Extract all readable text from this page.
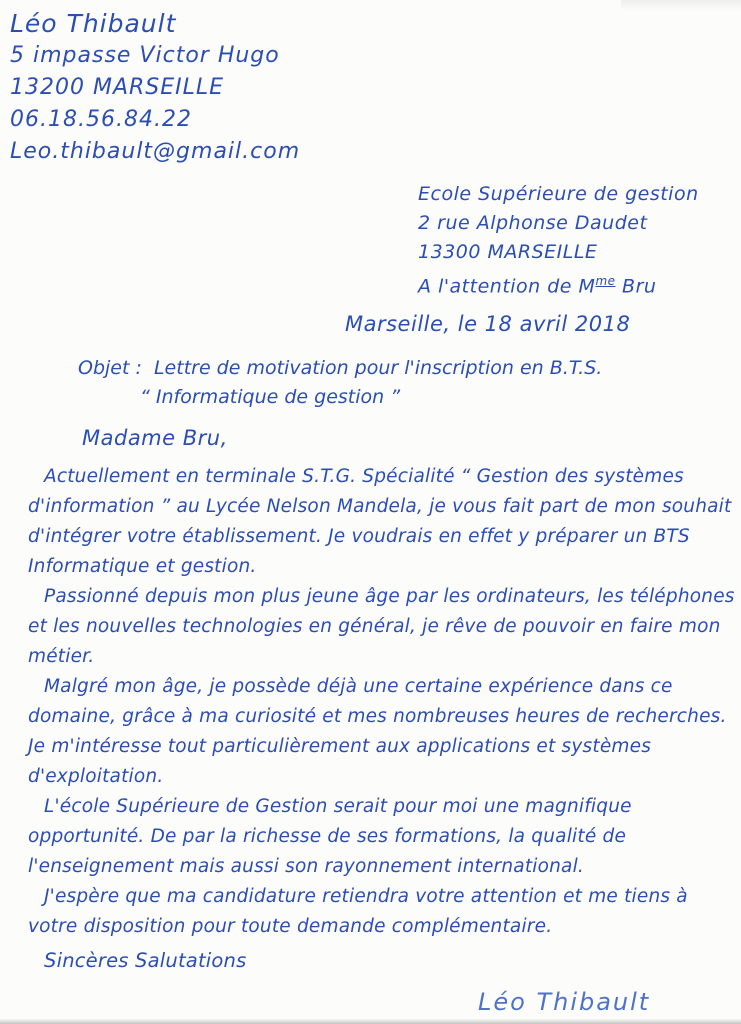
Léo Thibault
5 impasse Victor Hugo
13200 MARSEILLE
06.18.56.84.22
Leo.thibault@gmail.com
Ecole Supérieure de gestion
2 rue Alphonse Daudet
13300 MARSEILLE
A l'attention de $M^{me}$ Bru
Marseille, le 18 avril 2018
Objet : Lettre de motivation pour l'inscription en B.T.S.
“ Informatique de gestion ”
Madame Bru,

Actuellement en terminale S.T.G. Spécialité “ Gestion des systèmes d'information ” au Lycée Nelson Mandela, je vous fait part de mon souhait d'intégrer votre établissement. Je voudrais en effet y préparer un BTS Informatique et gestion.

Passionné depuis mon plus jeune âge par les ordinateurs, les téléphones et les nouvelles technologies en général, je rêve de pouvoir en faire mon métier.

Malgré mon âge, je possède déjà une certaine expérience dans ce domaine, grâce à ma curiosité et mes nombreuses heures de recherches. Je m'intéresse tout particulièrement aux applications et systèmes d'exploitation.

L'école Supérieure de Gestion serait pour moi une magnifique opportunité. De par la richesse de ses formations, la qualité de l'enseignement mais aussi son rayonnement international.

J'espère que ma candidature retiendra votre attention et me tiens à votre disposition pour toute demande complémentaire.

Sincères Salutations
Léo Thibault
